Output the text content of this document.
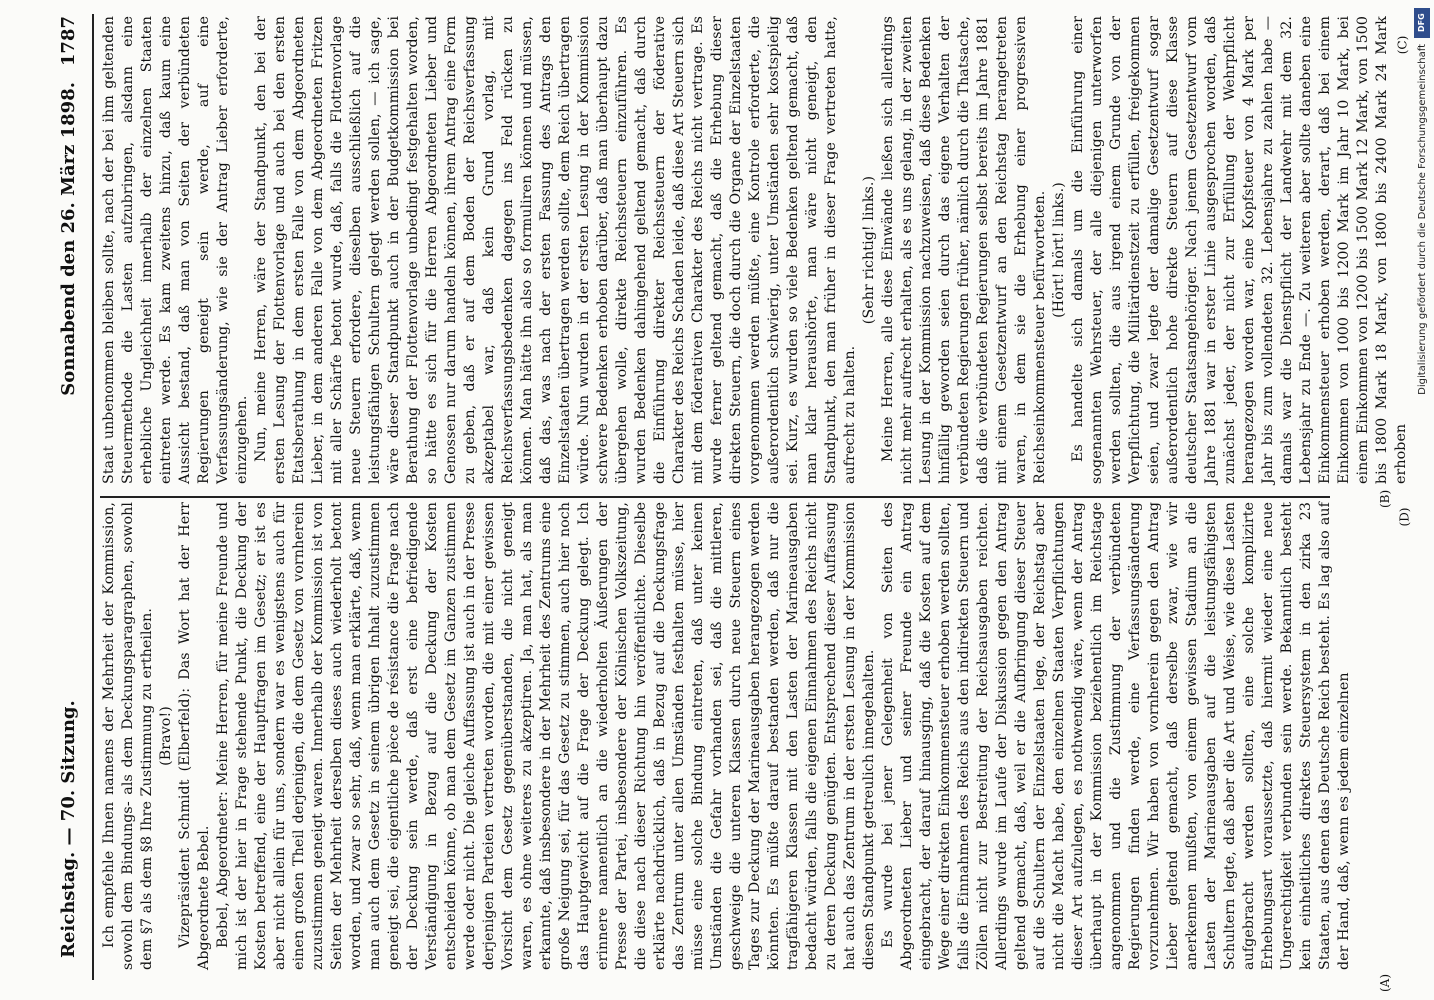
Reichstag. — 70. Sitzung.
Sonnabend den 26. März 1898.
1787

Ich empfehle Ihnen namens der Mehrheit der Kommission, sowohl dem Bindungs- als dem Deckungsparagraphen, sowohl dem §7 als dem §8 Ihre Zustimmung zu ertheilen. (Bravo!) Vizepräsident Schmidt (Elberfeld): Das Wort hat der Herr Abgeordnete Bebel. Bebel, Abgeordneter: Meine Herren, für meine Freunde und mich ist der hier in Frage stehende Punkt, die Deckung der Kosten betreffend, eine der Hauptfragen im Gesetz; er ist es aber nicht allein für uns, sondern war es wenigstens auch für einen großen Theil derjenigen, die dem Gesetz von vornherein zuzustimmen geneigt waren. Innerhalb der Kommission ist von Seiten der Mehrheit derselben dieses auch wiederholt betont worden, und zwar so sehr, daß, wenn man erklärte, daß, wenn man auch dem Gesetz in seinem übrigen Inhalt zuzustimmen geneigt sei, die eigentliche pièce de résistance die Frage nach der Deckung sein werde, daß erst eine befriedigende Verständigung in Bezug auf die Deckung der Kosten entscheiden könne, ob man dem Gesetz im Ganzen zustimmen werde oder nicht. Die gleiche Auffassung ist auch in der Presse derjenigen Parteien vertreten worden, die mit einer gewissen Vorsicht dem Gesetz gegenüberstanden, die nicht geneigt waren, es ohne weiteres zu akzeptiren. Ja, man hat, als man erkannte, daß insbesondere in der Mehrheit des Zentrums eine große Neigung sei, für das Gesetz zu stimmen, auch hier noch das Hauptgewicht auf die Frage der Deckung gelegt. Ich erinnere namentlich an die wiederholten Äußerungen der Presse der Partei, insbesondere der Kölnischen Volkszeitung, die diese nach dieser Richtung hin veröffentlichte. Dieselbe erklärte nachdrücklich, daß in Bezug auf die Deckungsfrage das Zentrum unter allen Umständen festhalten müsse, hier müsse eine solche Bindung eintreten, daß unter keinen Umständen die Gefahr vorhanden sei, daß die mittleren, geschweige die unteren Klassen durch neue Steuern eines Tages zur Deckung der Marineausgaben herangezogen werden könnten. Es müßte darauf bestanden werden, daß nur die tragfähigeren Klassen mit den Lasten der Marineausgaben bedacht würden, falls die eigenen Einnahmen des Reichs nicht zu deren Deckung genügten. Entsprechend dieser Auffassung hat auch das Zentrum in der ersten Lesung in der Kommission diesen Standpunkt getreulich innegehalten. Es wurde bei jener Gelegenheit von Seiten des Abgeordneten Lieber und seiner Freunde ein Antrag eingebracht, der darauf hinausging, daß die Kosten auf dem Wege einer direkten Einkommensteuer erhoben werden sollten, falls die Einnahmen des Reichs aus den indirekten Steuern und Zöllen nicht zur Bestreitung der Reichsausgaben reichten. Allerdings wurde im Laufe der Diskussion gegen den Antrag geltend gemacht, daß, weil er die Aufbringung dieser Steuer auf die Schultern der Einzelstaaten lege, der Reichstag aber nicht die Macht habe, den einzelnen Staaten Verpflichtungen dieser Art aufzulegen, es nothwendig wäre, wenn der Antrag überhaupt in der Kommission beziehentlich im Reichstage angenommen und die Zustimmung der verbündeten Regierungen finden werde, eine Verfassungsänderung vorzunehmen. Wir haben von vornherein gegen den Antrag Lieber geltend gemacht, daß derselbe zwar, wie wir anerkennen mußten, von einem gewissen Stadium an die Lasten der Marineausgaben auf die leistungsfähigsten Schultern legte, daß aber die Art und Weise, wie diese Lasten aufgebracht werden sollten, eine solche komplizirte Erhebungsart voraussetzte, daß hiermit wieder eine neue Ungerechtigkeit verbunden sein werde. Bekanntlich besteht kein einheitliches direktes Steuersystem in den zirka 23 Staaten, aus denen das Deutsche Reich besteht. Es lag also auf der Hand, daß, wenn es jedem einzelnen

Staat unbenommen bleiben sollte, nach der bei ihm geltenden Steuermethode die Lasten aufzubringen, alsdann eine erhebliche Ungleichheit innerhalb der einzelnen Staaten eintreten werde. Es kam zweitens hinzu, daß kaum eine Aussicht bestand, daß man von Seiten der verbündeten Regierungen geneigt sein werde, auf eine Verfassungsänderung, wie sie der Antrag Lieber erforderte, einzugehen. Nun, meine Herren, wäre der Standpunkt, den bei der ersten Lesung der Flottenvorlage und auch bei den ersten Etatsberathung in dem ersten Falle von dem Abgeordneten Lieber, in dem anderen Falle von dem Abgeordneten Fritzen mit aller Schärfe betont wurde, daß, falls die Flottenvorlage neue Steuern erfordere, dieselben ausschließlich auf die leistungsfähigen Schultern gelegt werden sollen, — ich sage, wäre dieser Standpunkt auch in der Budgetkommission bei Berathung der Flottenvorlage unbedingt festgehalten worden, so hätte es sich für die Herren Abgeordneten Lieber und Genossen nur darum handeln können, ihrem Antrag eine Form zu geben, daß er auf dem Boden der Reichsverfassung akzeptabel war, daß kein Grund vorlag, mit Reichsverfassungsbedenken dagegen ins Feld rücken zu können. Man hätte ihn also so formuliren können und müssen, daß das, was nach der ersten Fassung des Antrags den Einzelstaaten übertragen werden sollte, dem Reich übertragen würde. Nun wurden in der ersten Lesung in der Kommission schwere Bedenken erhoben darüber, daß man überhaupt dazu übergehen wolle, direkte Reichssteuern einzuführen. Es wurden Bedenken dahingehend geltend gemacht, daß durch die Einführung direkter Reichssteuern der föderative Charakter des Reichs Schaden leide, daß diese Art Steuern sich mit dem föderativen Charakter des Reichs nicht vertrage. Es wurde ferner geltend gemacht, daß die Erhebung dieser direkten Steuern, die doch durch die Organe der Einzelstaaten vorgenommen werden müßte, eine Kontrole erforderte, die außerordentlich schwierig, unter Umständen sehr kostspielig sei. Kurz, es wurden so viele Bedenken geltend gemacht, daß man klar heraushörte, man wäre nicht geneigt, den Standpunkt, den man früher in dieser Frage vertreten hatte, aufrecht zu halten.

(Sehr richtig! links.) Meine Herren, alle diese Einwände ließen sich allerdings nicht mehr aufrecht erhalten, als es uns gelang, in der zweiten Lesung in der Kommission nachzuweisen, daß diese Bedenken hinfällig geworden seien durch das eigene Verhalten der verbündeten Regierungen früher, nämlich durch die Thatsache, daß die verbündeten Regierungen selbst bereits im Jahre 1881 mit einem Gesetzentwurf an den Reichstag herangetreten waren, in dem sie die Erhebung einer progressiven Reichseinkommensteuer befürworteten. (Hört! hört! links.) Es handelte sich damals um die Einführung einer sogenannten Wehrsteuer, der alle diejenigen unterworfen werden sollten, die aus irgend einem Grunde von der Verpflichtung, die Militärdienstzeit zu erfüllen, freigekommen seien, und zwar legte der damalige Gesetzentwurf sogar außerordentlich hohe direkte Steuern auf diese Klasse deutscher Staatsangehöriger. Nach jenem Gesetzentwurf vom Jahre 1881 war in erster Linie ausgesprochen worden, daß zunächst jeder, der nicht zur Erfüllung der Wehrpflicht herangezogen worden war, eine Kopfsteuer von 4 Mark per Jahr bis zum vollendeten 32. Lebensjahre zu zahlen habe — damals war die Dienstpflicht der Landwehr mit dem 32. Lebensjahr zu Ende —. Zu weiteren aber sollte daneben eine Einkommensteuer erhoben werden, derart, daß bei einem Einkommen von 1000 bis 1200 Mark im Jahr 10 Mark, bei einem Einkommen von 1200 bis 1500 Mark 12 Mark, von 1500 bis 1800 Mark 18 Mark, von 1800 bis 2400 Mark 24 Mark erhoben

(A)
(B)
(C)
(D)
DFG
Digitalisierung gefördert durch die Deutsche Forschungsgemeinschaft
